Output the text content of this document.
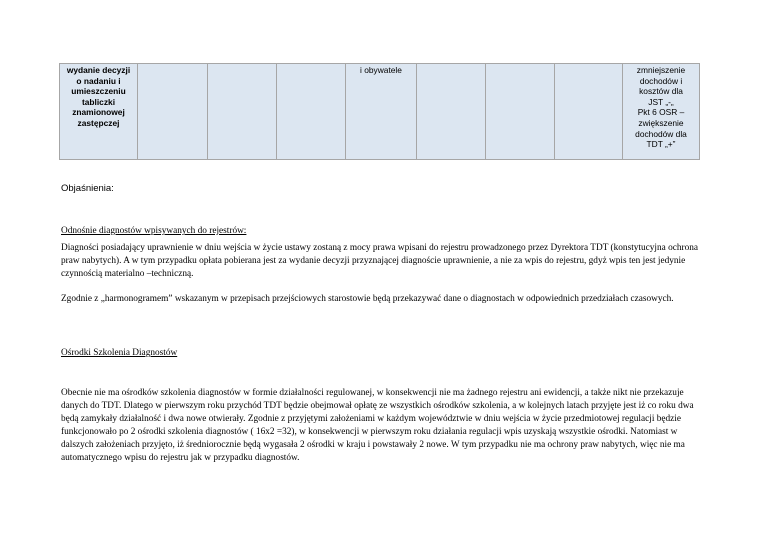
wydanie decyzji
o nadaniu i
umieszczeniu
tabliczki
znamionowej
zastępczej				i obywatele				zmniejszenie
dochodów i
kosztów dla
JST „-„
Pkt 6 OSR –
zwiększenie
dochodów dla
TDT „+”
Objaśnienia:
Odnośnie diagnostów wpisywanych do rejestrów:
Diagności posiadający uprawnienie w dniu wejścia w życie ustawy zostaną z mocy prawa wpisani do rejestru prowadzonego przez Dyrektora TDT (konstytucyjna ochrona praw nabytych). A w tym przypadku opłata pobierana jest za wydanie decyzji przyznającej diagnoście uprawnienie, a nie za wpis do rejestru, gdyż wpis ten jest jedynie czynnością materialno –techniczną.
Zgodnie z „harmonogramem” wskazanym w przepisach przejściowych starostowie będą przekazywać dane o diagnostach w odpowiednich przedziałach czasowych.
Ośrodki Szkolenia Diagnostów
Obecnie nie ma ośrodków szkolenia diagnostów w formie działalności regulowanej, w konsekwencji nie ma żadnego rejestru ani ewidencji, a także nikt nie przekazuje danych do TDT. Dlatego w pierwszym roku przychód TDT będzie obejmował opłatę ze wszystkich ośrodków szkolenia, a w kolejnych latach przyjęte jest iż co roku dwa będą zamykały działalność i dwa nowe otwierały. Zgodnie z przyjętymi założeniami w każdym województwie w dniu wejścia w życie przedmiotowej regulacji będzie funkcjonowało po 2 ośrodki szkolenia diagnostów ( 16x2 =32), w konsekwencji w pierwszym roku działania regulacji wpis uzyskają wszystkie ośrodki. Natomiast w dalszych założeniach przyjęto, iż średniorocznie będą wygasała 2 ośrodki w kraju i powstawały 2 nowe. W tym przypadku nie ma ochrony praw nabytych, więc nie ma automatycznego wpisu do rejestru jak w przypadku diagnostów.
